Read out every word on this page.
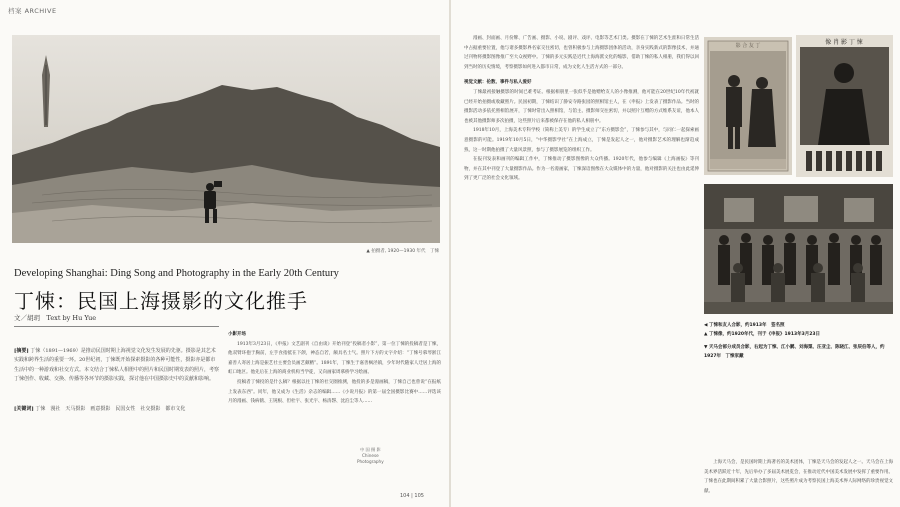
档案 ARCHIVE
▲ 拍摄者, 1920—1930 年代　丁悚
Developing Shanghai: Ding Song and Photography in the Early 20th Century
丁悚：民国上海摄影的文化推手
文／胡玥　Text by Hu Yue
[摘要] 丁悚（1891—1969）是推动民国时期上海视觉文化发生发展的先驱。摄影是其艺术实践和跨界生活的重要一环。20世纪初，丁悚既开始探索摄影的各种可能性，摄影亦是都市生活中的一种游戏和社交方式。本文结合丁悚私人相册中的照片和民国时期发表的照片，考察丁悚创作、收藏、交换、传播等各环节的摄影实践，探讨他在中国摄影史中的贡献和影响。
[关键词] 丁悚　漫社　天马摄影　画意摄影　民国女性　社交摄影　都市文化

小影开场

1913年3月23日，《申报》文艺副刊《自由谈》开始刊登“投稿者小影”，第一位丁悚的投稿者是丁悚，他双臂环抱于胸前，左手食指抵在下颌，神态自若，颇具名士气。照片下方的文字介绍：“丁悚号慕琴浙江嘉善人寄居上海是振艺社主要会员画艺颇精”。1891年，丁悚生于嘉善枫泾镇，少年时代随家人迁居上海的虹口地区。他先后在上海的商业机构当学徒，又向画家周慕桥学习绘画。

投稿者丁悚投的是什么稿？根据以往丁悚的社交圈推测，他投的多是漫画稿，丁悚自己也曾说“在报纸上发表东西”。同年，他又成为《生活》杂志的编辑……《小说月报》的第一届全国摄影比赛中……评选该月的漫画、钱病鹤、王钝根、但杜宇、张光宇、杨清磬、沈泊尘等人……

中 国 摄 影
Chinese
Photography

漫画、封面画、月份牌、广告画、摄影、小说、剧评、戏评、电影等艺术门类。摄影在丁悚的艺术生涯和日常生活中占据重要位置，他与诸多摄影界名家交往密切，也曾积极参与上海摄影团体的活动，亲身实践新式的影像技术，并通过刊物将摄影图像推广至大众视野中。丁悚的多元实践是近代上海海派文化的缩影，借助丁悚的私人相册，我们得以回到当时的历史情境，考察摄影如何进入都市日常，成为文化人生活方式的一部分。

视觉文献：伦数、事件与私人爱好

丁悚最初接触摄影的时间已难考证。根据相册里一张似乎是他赠给友人的小像推测，他可能在20世纪10年代初就已经开始拍摄或收藏照片。民国初期，丁悚结识了静安寺路张园的照相馆主人，在《申报》上发表了摄影作品。当时的摄影活动多依托照相馆展开，丁悚时常出入照相馆，与馆主、摄影师交往密切，并以照片互赠的方式维系友谊，他本人也被其他摄影师多次拍摄，这些照片后来都被保存在他的私人相册中。

1918年10月，上海美术专科学校（简称上美专）的学生成立了“东方摄影会”，丁悚参与其中，与同仁一起探索画意摄影的可能。1919年10月5日，“中华摄影学社”在上海成立，丁悚是发起人之一，他对摄影艺术的理解也渐趋成熟，这一时期他拍摄了大量风景照，参与了摄影展览的组织工作。

在报刊发表和画刊的编辑工作中，丁悚推动了摄影图像的大众传播。1920年代，他参与编辑《上海画报》等刊物，并在其中刊登了大量摄影作品。作为一名漫画家，丁悚深谙图像在大众媒体中的力量，他对摄影的关注也由此延伸到了更广泛的社会文化领域。

影 合 友 丁	像 肖 影 丁 悚
◀ 丁悚和友人合影，约1913年　签名照
▲ 丁悚像，约1920年代，刊于《申报》1913年3月23日
▼ 天马会部分成员合影，右起为丁悚、江小鹣、刘海粟、汪亚尘、陈晓江、张辰伯等人，约1927年　丁悚家藏

上海天马会，是民国时期上海著名的美术团体，丁悚是天马会的发起人之一。天马会在上海美术界活跃近十年，先后举办了多届美术展览会，在推动近代中国美术发展中发挥了重要作用。丁悚也在此期间积累了大量合影照片，这些照片成为考察民国上海美术界人际网络的珍贵视觉文献。

104 | 105
